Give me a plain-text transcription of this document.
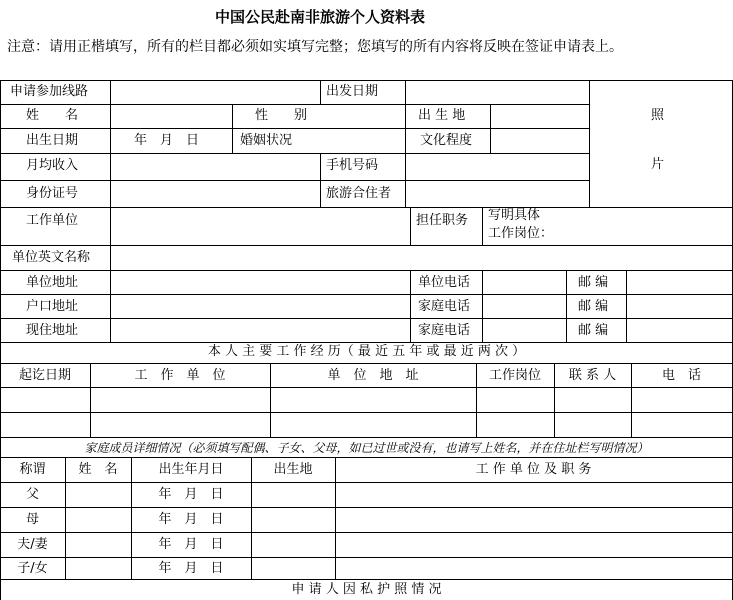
中国公民赴南非旅游个人资料表
注意：请用正楷填写，所有的栏目都必须如实填写完整；您填写的所有内容将反映在签证申请表上。
申请参加线路	出发日期
照
片
姓　　名	性　　别	出 生 地
出生日期	年　月　日	婚姻状况	文化程度
月均收入	手机号码
身份证号	旅游合住者
工作单位	担任职务 写明具体
工作岗位：
单位英文名称
单位地址	单位电话	邮 编
户口地址	家庭电话	邮 编
现住地址	家庭电话	邮 编
本 人 主 要 工 作 经 历（ 最 近 五 年 或 最 近 两 次 ）
起讫日期	工　作　单　位	单　位　地　址	工作岗位	联 系 人	电　话
家庭成员详细情况（必须填写配偶、子女、父母，如已过世或没有，也请写上姓名，并在住址栏写明情况）
称谓	姓　名	出生年月日	出生地	工 作 单 位 及 职 务
父	年　月　日
母	年　月　日
夫/妻	年　月　日
子/女	年　月　日
申 请 人 因 私 护 照 情 况
